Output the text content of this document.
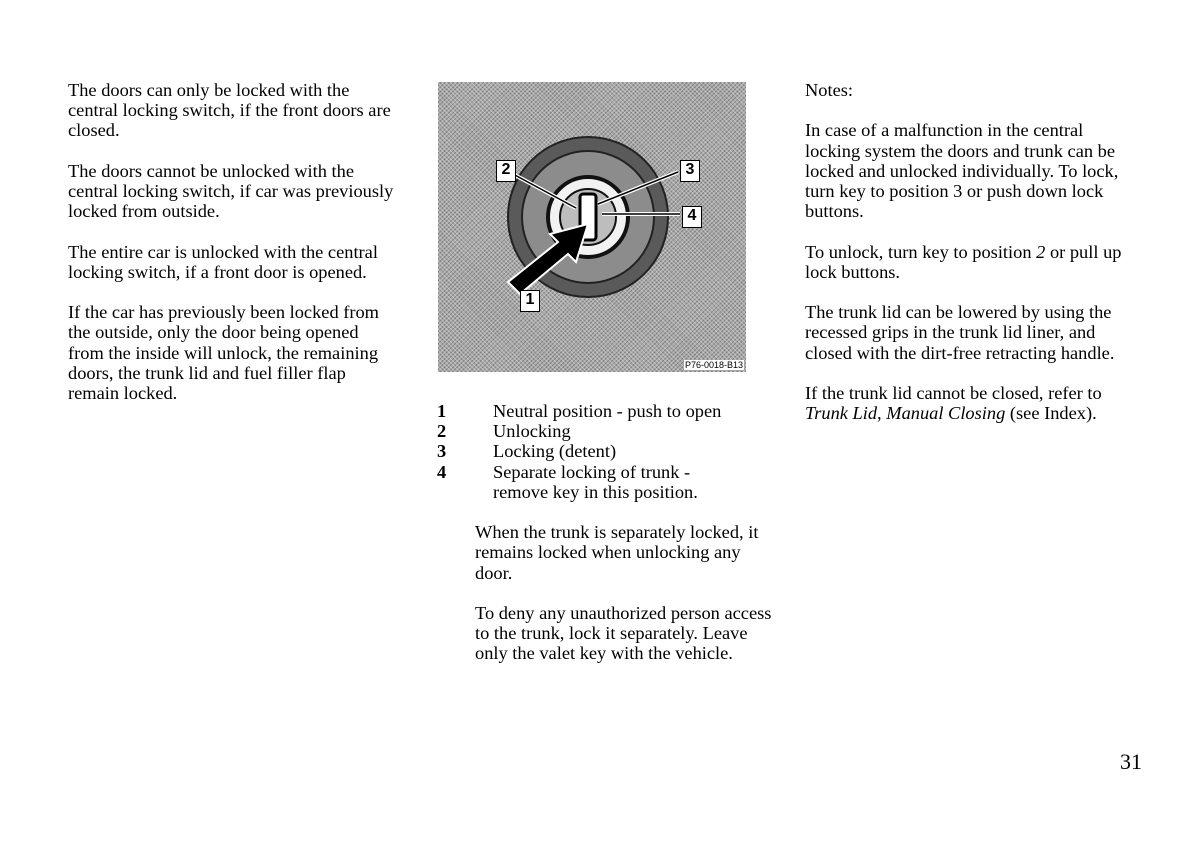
The doors can only be locked with the central locking switch, if the front doors are closed.

The doors cannot be unlocked with the central locking switch, if car was previously locked from outside.

The entire car is unlocked with the central locking switch, if a front door is opened.

If the car has previously been locked from the outside, only the door being opened from the inside will unlock, the remaining doors, the trunk lid and fuel filler flap remain locked.

2	3
4
1
P76-0018-B13
1	Neutral position - push to open
2	Unlocking
3	Locking (detent)
4	Separate locking of trunk - remove key in this position.

When the trunk is separately locked, it remains locked when unlocking any door.

To deny any unauthorized person access to the trunk, lock it separately. Leave only the valet key with the vehicle.

Notes:

In case of a malfunction in the central locking system the doors and trunk can be locked and unlocked individually. To lock, turn key to position 3 or push down lock buttons.

To unlock, turn key to position 2 or pull up lock buttons.

The trunk lid can be lowered by using the recessed grips in the trunk lid liner, and closed with the dirt-free retracting handle.

If the trunk lid cannot be closed, refer to Trunk Lid, Manual Closing (see Index).

31
